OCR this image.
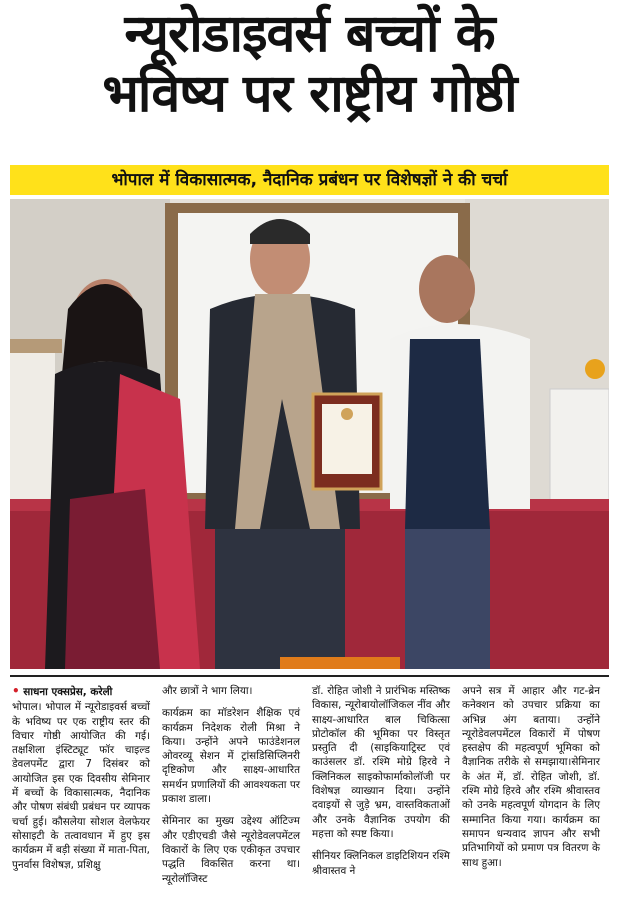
न्यूरोडाइवर्स बच्चों के
भविष्य पर राष्ट्रीय गोष्ठी
भोपाल में विकासात्मक, नैदानिक प्रबंधन पर विशेषज्ञों ने की चर्चा
• साधना एक्सप्रेस, करेली

भोपाल। भोपाल में न्यूरोडाइवर्स बच्चों के भविष्य पर एक राष्ट्रीय स्तर की विचार गोष्ठी आयोजित की गई। तक्षशिला इंस्टिट्यूट फॉर चाइल्ड डेवलपमेंट द्वारा 7 दिसंबर को आयोजित इस एक दिवसीय सेमिनार में बच्चों के विकासात्मक, नैदानिक और पोषण संबंधी प्रबंधन पर व्यापक चर्चा हुई। कौसलेया सोशल वेलफेयर सोसाइटी के तत्वावधान में हुए इस कार्यक्रम में बड़ी संख्या में माता-पिता, पुनर्वास विशेषज्ञ, प्रशिक्षु

और छात्रों ने भाग लिया।

कार्यक्रम का मॉडरेशन शैक्षिक एवं कार्यक्रम निदेशक रोली मिश्रा ने किया। उन्होंने अपने फाउंडेशनल ओवरव्यू सेशन में ट्रांसडिसिप्लिनरी दृष्टिकोण और साक्ष्य-आधारित समर्थन प्रणालियों की आवश्यकता पर प्रकाश डाला।

सेमिनार का मुख्य उद्देश्य ऑटिज्म और एडीएचडी जैसे न्यूरोडेवलपमेंटल विकारों के लिए एक एकीकृत उपचार पद्धति विकसित करना था। न्यूरोलॉजिस्ट

डॉ. रोहित जोशी ने प्रारंभिक मस्तिष्क विकास, न्यूरोबायोलॉजिकल नींव और साक्ष्य-आधारित बाल चिकित्सा प्रोटोकॉल की भूमिका पर विस्तृत प्रस्तुति दी (साइकियाट्रिस्ट एवं काउंसलर डॉ. रश्मि मोग्रे हिरवे ने क्लिनिकल साइकोफार्माकोलॉजी पर विशेषज्ञ व्याख्यान दिया। उन्होंने दवाइयों से जुड़े भ्रम, वास्तविकताओं और उनके वैज्ञानिक उपयोग की महत्ता को स्पष्ट किया।

सीनियर क्लिनिकल डाइटिशियन रश्मि श्रीवास्तव ने

अपने सत्र में आहार और गट-ब्रेन कनेक्शन को उपचार प्रक्रिया का अभिन्न अंग बताया। उन्होंने न्यूरोडेवलपमेंटल विकारों में पोषण हस्तक्षेप की महत्वपूर्ण भूमिका को वैज्ञानिक तरीके से समझाया।सेमिनार के अंत में, डॉ. रोहित जोशी, डॉ. रश्मि मोग्रे हिरवे और रश्मि श्रीवास्तव को उनके महत्वपूर्ण योगदान के लिए सम्मानित किया गया। कार्यक्रम का समापन धन्यवाद ज्ञापन और सभी प्रतिभागियों को प्रमाण पत्र वितरण के साथ हुआ।
